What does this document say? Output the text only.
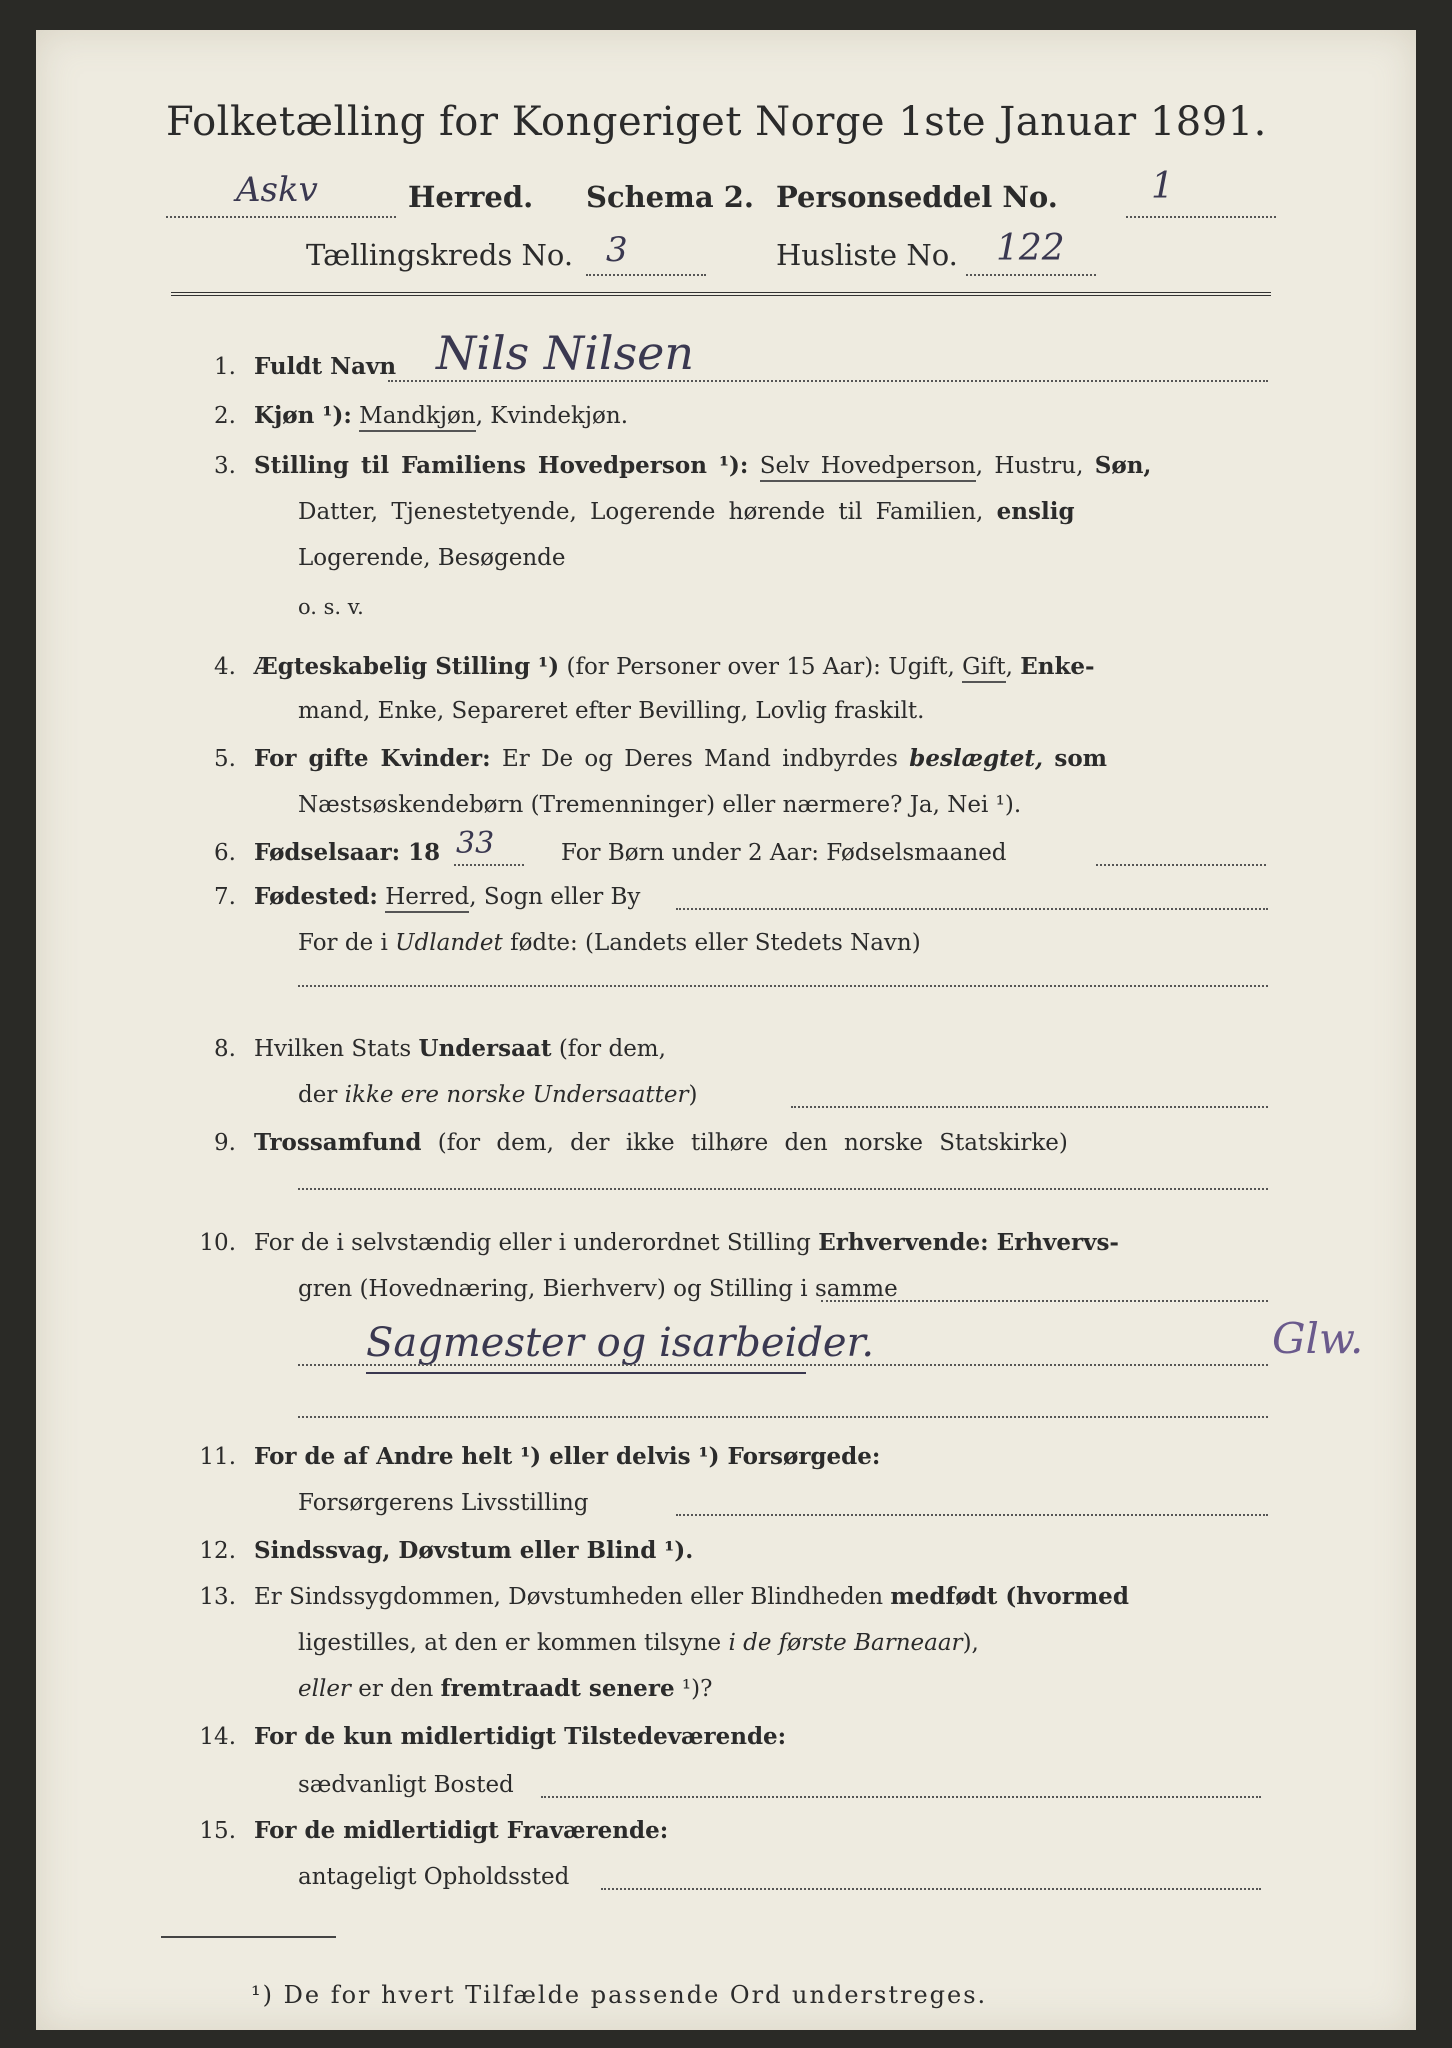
Folketælling for Kongeriget Norge 1ste Januar 1891.
Askv	Herred. Schema 2. Personseddel No.	1
Tællingskreds No. 3	Husliste No. 122
1. Fuldt Navn Nils Nilsen
2. Kjøn ¹): Mandkjøn, Kvindekjøn.
3. Stilling til Familiens Hovedperson ¹): Selv Hovedperson, Hustru, Søn,
Datter, Tjenestetyende, Logerende hørende til Familien, enslig
Logerende, Besøgende
o. s. v.
4. Ægteskabelig Stilling ¹) (for Personer over 15 Aar): Ugift, Gift, Enke-
mand, Enke, Separeret efter Bevilling, Lovlig fraskilt.
5. For gifte Kvinder: Er De og Deres Mand indbyrdes beslægtet, som
Næstsøskendebørn (Tremenninger) eller nærmere? Ja, Nei ¹).
6. Fødselsaar: 18 33	For Børn under 2 Aar: Fødselsmaaned
7. Fødested: Herred, Sogn eller By
For de i Udlandet fødte: (Landets eller Stedets Navn)
8. Hvilken Stats Undersaat (for dem,
der ikke ere norske Undersaatter)
9. Trossamfund (for dem, der ikke tilhøre den norske Statskirke)
10. For de i selvstændig eller i underordnet Stilling Erhvervende: Erhvervs-
gren (Hovednæring, Bierhverv) og Stilling i samme
Sagmester og isarbeider.	Glw.
11. For de af Andre helt ¹) eller delvis ¹) Forsørgede:
Forsørgerens Livsstilling
12. Sindssvag, Døvstum eller Blind ¹).
13. Er Sindssygdommen, Døvstumheden eller Blindheden medfødt (hvormed
ligestilles, at den er kommen tilsyne i de første Barneaar),
eller er den fremtraadt senere ¹)?
14. For de kun midlertidigt Tilstedeværende:
sædvanligt Bosted
15. For de midlertidigt Fraværende:
antageligt Opholdssted
¹) De for hvert Tilfælde passende Ord understreges.
